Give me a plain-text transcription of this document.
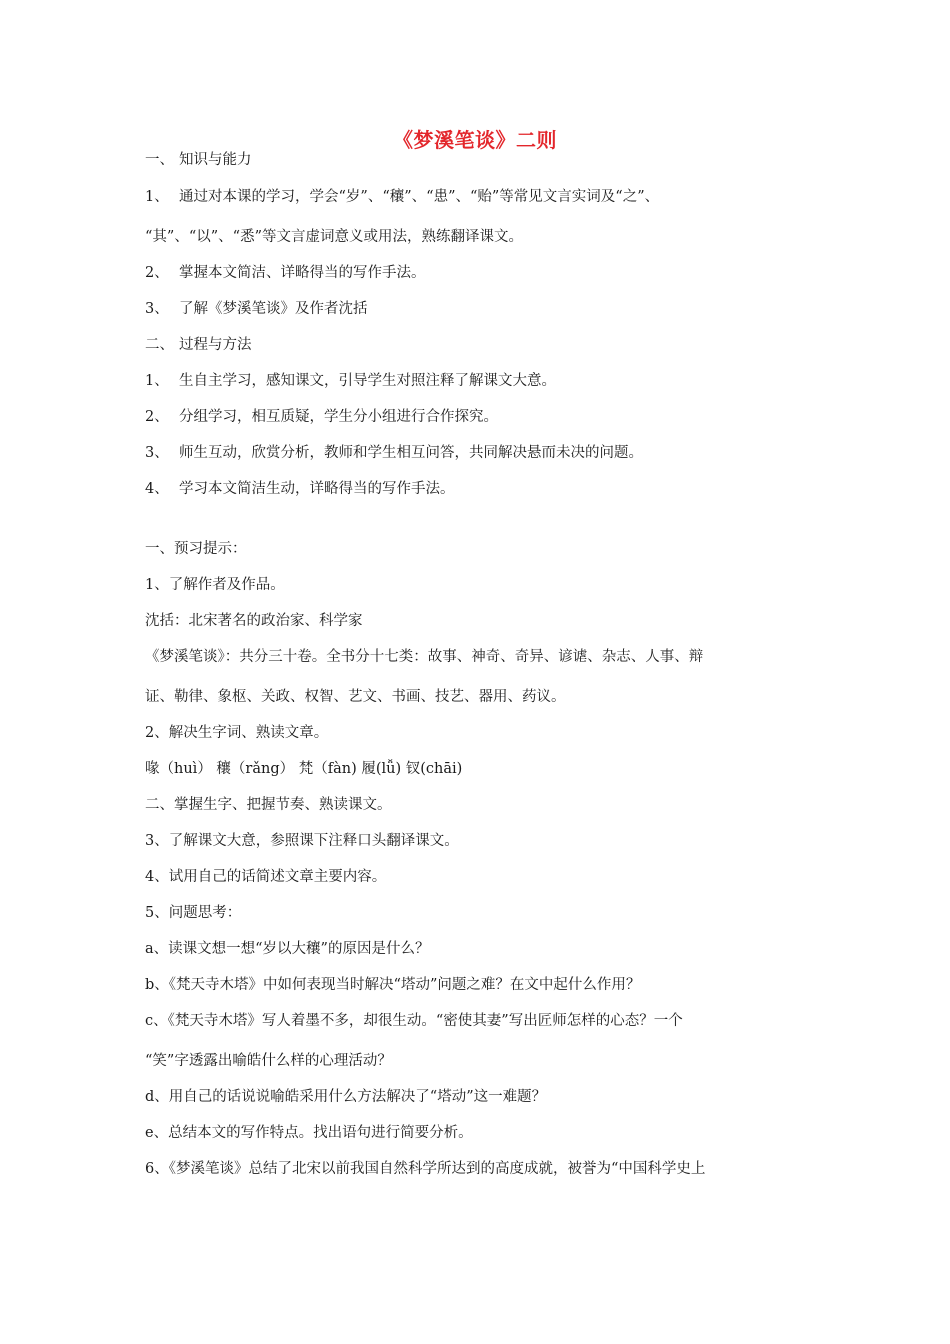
《梦溪笔谈》二则
一、 知识与能力
1、 通过对本课的学习，学会“岁”、“穰”、“患”、“贻”等常见文言实词及“之”、
“其”、“以”、“悉”等文言虚词意义或用法，熟练翻译课文。
2、 掌握本文简洁、详略得当的写作手法。
3、 了解《梦溪笔谈》及作者沈括
二、 过程与方法
1、 生自主学习，感知课文，引导学生对照注释了解课文大意。
2、 分组学习，相互质疑，学生分小组进行合作探究。
3、 师生互动，欣赏分析，教师和学生相互问答，共同解决悬而未决的问题。
4、 学习本文简洁生动，详略得当的写作手法。
一、预习提示：
1、了解作者及作品。
沈括：北宋著名的政治家、科学家
《梦溪笔谈》：共分三十卷。全书分十七类：故事、神奇、奇异、谚谑、杂志、人事、辩
证、勒律、象枢、关政、权智、艺文、书画、技艺、器用、药议。
2、解决生字词、熟读文章。
喙（huì） 穰（rǎng） 梵（fàn) 履(lǚ) 钗(chāi)
二、掌握生字、把握节奏、熟读课文。
3、了解课文大意，参照课下注释口头翻译课文。
4、试用自己的话简述文章主要内容。
5、问题思考：
a、读课文想一想“岁以大穰”的原因是什么？
b、《梵天寺木塔》中如何表现当时解决“塔动”问题之难？在文中起什么作用？
c、《梵天寺木塔》写人着墨不多，却很生动。“密使其妻”写出匠师怎样的心态？一个
“笑”字透露出喻皓什么样的心理活动？
d、用自己的话说说喻皓采用什么方法解决了“塔动”这一难题？
e、总结本文的写作特点。找出语句进行简要分析。
6、《梦溪笔谈》总结了北宋以前我国自然科学所达到的高度成就，被誉为“中国科学史上
